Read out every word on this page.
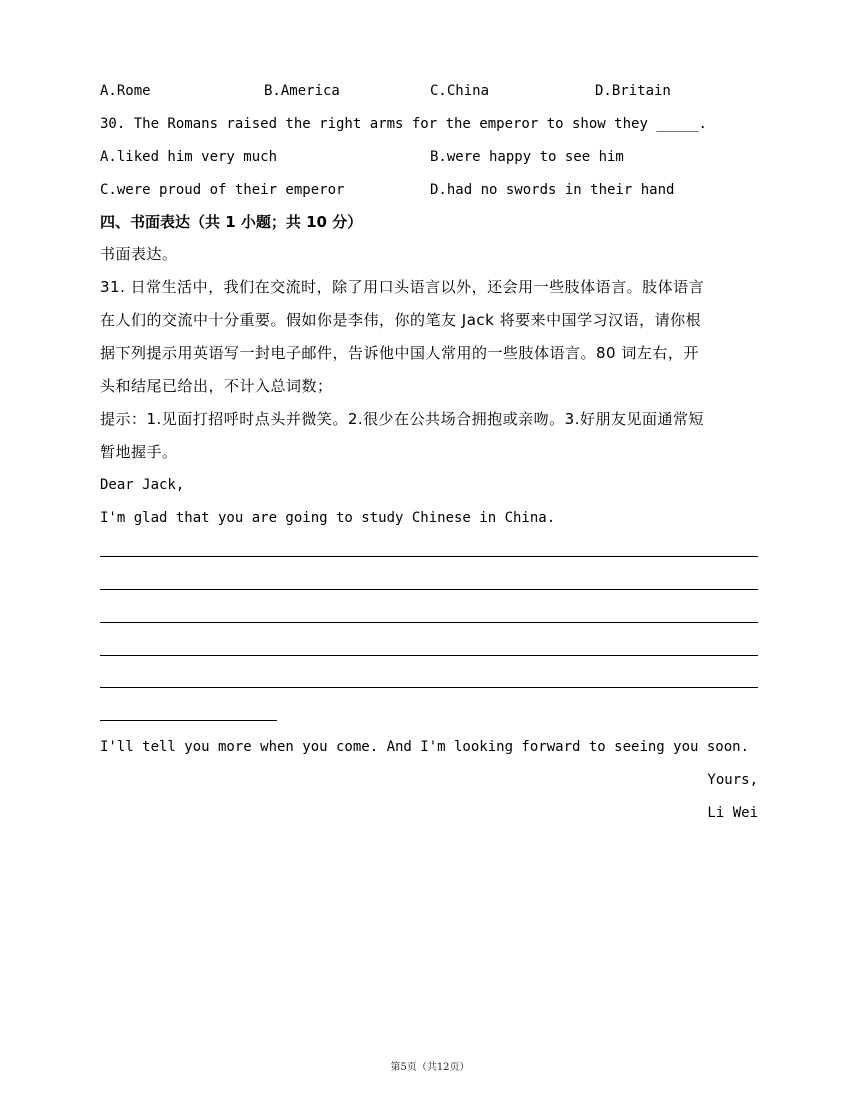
A.Rome	B.America	C.China	D.Britain
30. The Romans raised the right arms for the emperor to show they _____.
A.liked him very much	B.were happy to see him
C.were proud of their emperor	D.had no swords in their hand
四、书面表达（共 1 小题；共 10 分）
书面表达。
31. 日常生活中，我们在交流时，除了用口头语言以外，还会用一些肢体语言。肢体语言
在人们的交流中十分重要。假如你是李伟，你的笔友 Jack 将要来中国学习汉语，请你根
据下列提示用英语写一封电子邮件，告诉他中国人常用的一些肢体语言。80 词左右，开
头和结尾已给出，不计入总词数；
提示：1.见面打招呼时点头并微笑。2.很少在公共场合拥抱或亲吻。3.好朋友见面通常短
暂地握手。
Dear Jack,
I'm glad that you are going to study Chinese in China.
I'll tell you more when you come. And I'm looking forward to seeing you soon.
Yours,
Li Wei
第5页（共12页）
